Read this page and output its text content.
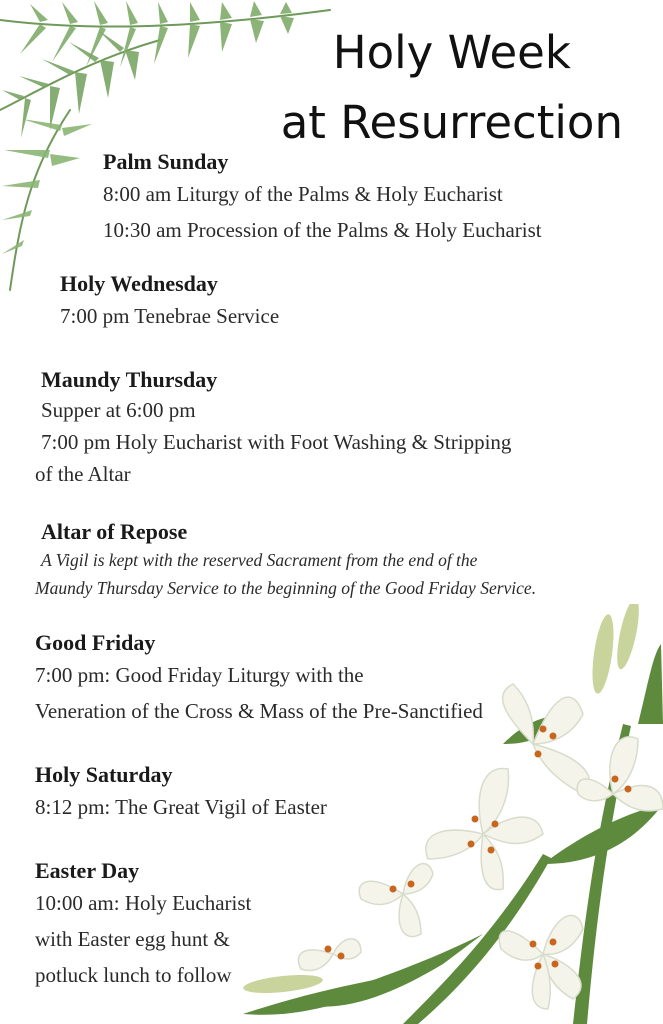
Holy Week
at Resurrection
Palm Sunday
8:00 am Liturgy of the Palms & Holy Eucharist
10:30 am Procession of the Palms & Holy Eucharist
Holy Wednesday
7:00 pm Tenebrae Service
Maundy Thursday
Supper at 6:00 pm
7:00 pm Holy Eucharist with Foot Washing & Stripping
of the Altar
Altar of Repose
A Vigil is kept with the reserved Sacrament from the end of the
Maundy Thursday Service to the beginning of the Good Friday Service.
Good Friday
7:00 pm: Good Friday Liturgy with the
Veneration of the Cross & Mass of the Pre-Sanctified
Holy Saturday
8:12 pm: The Great Vigil of Easter
Easter Day
10:00 am: Holy Eucharist
with Easter egg hunt &
potluck lunch to follow
